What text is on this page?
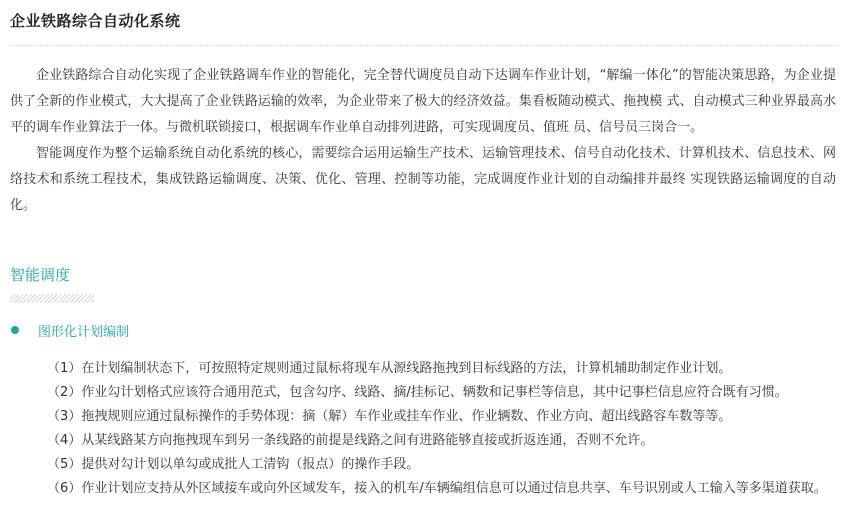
企业铁路综合自动化系统

企业铁路综合自动化实现了企业铁路调车作业的智能化，完全替代调度员自动下达调车作业计划，“解编一体化”的智能决策思路，为企业提供了全新的作业模式，大大提高了企业铁路运输的效率，为企业带来了极大的经济效益。集看板随动模式、拖拽模 式、自动模式三种业界最高水平的调车作业算法于一体。与微机联锁接口，根据调车作业单自动排列进路，可实现调度员、值班 员、信号员三岗合一。

智能调度作为整个运输系统自动化系统的核心，需要综合运用运输生产技术、运输管理技术、信号自动化技术、计算机技术、信息技术、网络技术和系统工程技术，集成铁路运输调度、决策、优化、管理、控制等功能，完成调度作业计划的自动编排并最终 实现铁路运输调度的自动化。

智能调度
图形化计划编制

（1）在计划编制状态下，可按照特定规则通过鼠标将现车从源线路拖拽到目标线路的方法，计算机辅助制定作业计划。

（2）作业勾计划格式应该符合通用范式，包含勾序、线路、摘/挂标记、辆数和记事栏等信息，其中记事栏信息应符合既有习惯。

（3）拖拽规则应通过鼠标操作的手势体现：摘（解）车作业或挂车作业、作业辆数、作业方向、超出线路容车数等等。

（4）从某线路某方向拖拽现车到另一条线路的前提是线路之间有进路能够直接或折返连通，否则不允许。

（5）提供对勾计划以单勾或成批人工清钩（报点）的操作手段。

（6）作业计划应支持从外区域接车或向外区域发车，接入的机车/车辆编组信息可以通过信息共享、车号识别或人工输入等多渠道获取。
